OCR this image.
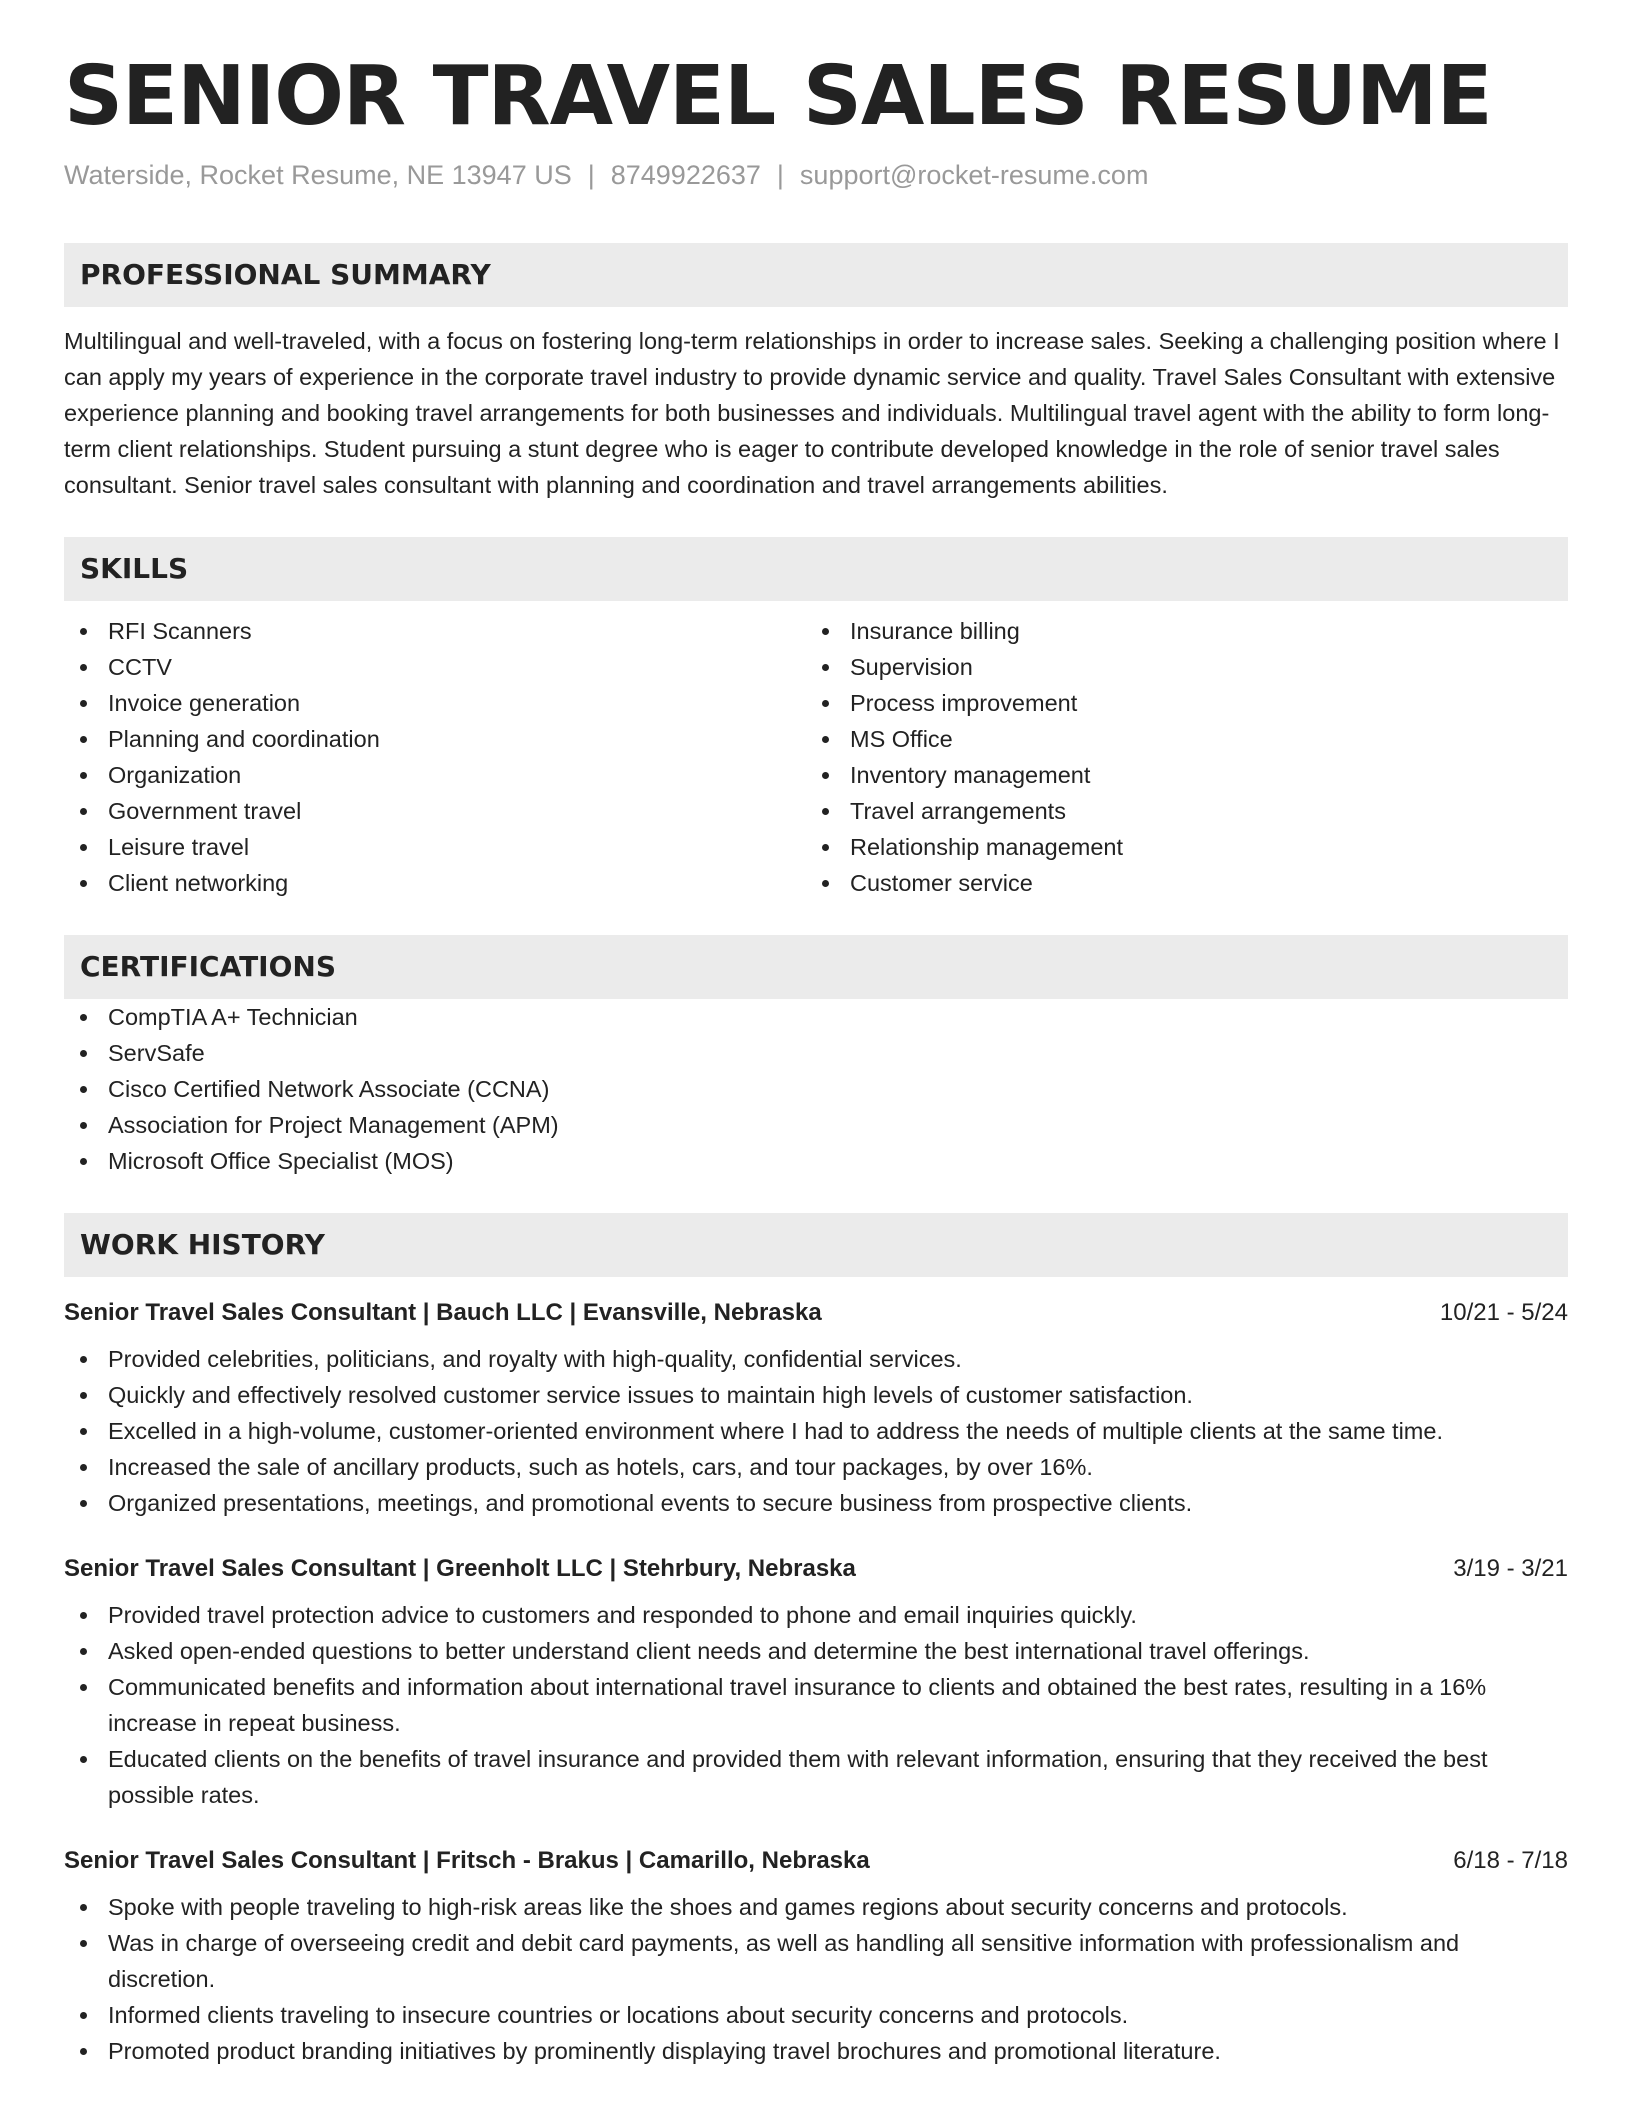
SENIOR TRAVEL SALES RESUME
Waterside, Rocket Resume, NE 13947 US | 8749922637 | support@rocket-resume.com
PROFESSIONAL SUMMARY
Multilingual and well-traveled, with a focus on fostering long-term relationships in order to increase sales. Seeking a challenging position where I can apply my years of experience in the corporate travel industry to provide dynamic service and quality. Travel Sales Consultant with extensive experience planning and booking travel arrangements for both businesses and individuals. Multilingual travel agent with the ability to form long-term client relationships. Student pursuing a stunt degree who is eager to contribute developed knowledge in the role of senior travel sales consultant. Senior travel sales consultant with planning and coordination and travel arrangements abilities.
SKILLS
RFI Scanners
CCTV
Invoice generation
Planning and coordination
Organization
Government travel
Leisure travel
Client networking
Insurance billing
Supervision
Process improvement
MS Office
Inventory management
Travel arrangements
Relationship management
Customer service
CERTIFICATIONS
CompTIA A+ Technician
ServSafe
Cisco Certified Network Associate (CCNA)
Association for Project Management (APM)
Microsoft Office Specialist (MOS)
WORK HISTORY
Senior Travel Sales Consultant | Bauch LLC | Evansville, Nebraska	10/21 - 5/24
Provided celebrities, politicians, and royalty with high-quality, confidential services.
Quickly and effectively resolved customer service issues to maintain high levels of customer satisfaction.
Excelled in a high-volume, customer-oriented environment where I had to address the needs of multiple clients at the same time.
Increased the sale of ancillary products, such as hotels, cars, and tour packages, by over 16%.
Organized presentations, meetings, and promotional events to secure business from prospective clients.
Senior Travel Sales Consultant | Greenholt LLC | Stehrbury, Nebraska	3/19 - 3/21
Provided travel protection advice to customers and responded to phone and email inquiries quickly.
Asked open-ended questions to better understand client needs and determine the best international travel offerings.
Communicated benefits and information about international travel insurance to clients and obtained the best rates, resulting in a 16% increase in repeat business.
Educated clients on the benefits of travel insurance and provided them with relevant information, ensuring that they received the best possible rates.
Senior Travel Sales Consultant | Fritsch - Brakus | Camarillo, Nebraska	6/18 - 7/18
Spoke with people traveling to high-risk areas like the shoes and games regions about security concerns and protocols.
Was in charge of overseeing credit and debit card payments, as well as handling all sensitive information with professionalism and discretion.
Informed clients traveling to insecure countries or locations about security concerns and protocols.
Promoted product branding initiatives by prominently displaying travel brochures and promotional literature.
